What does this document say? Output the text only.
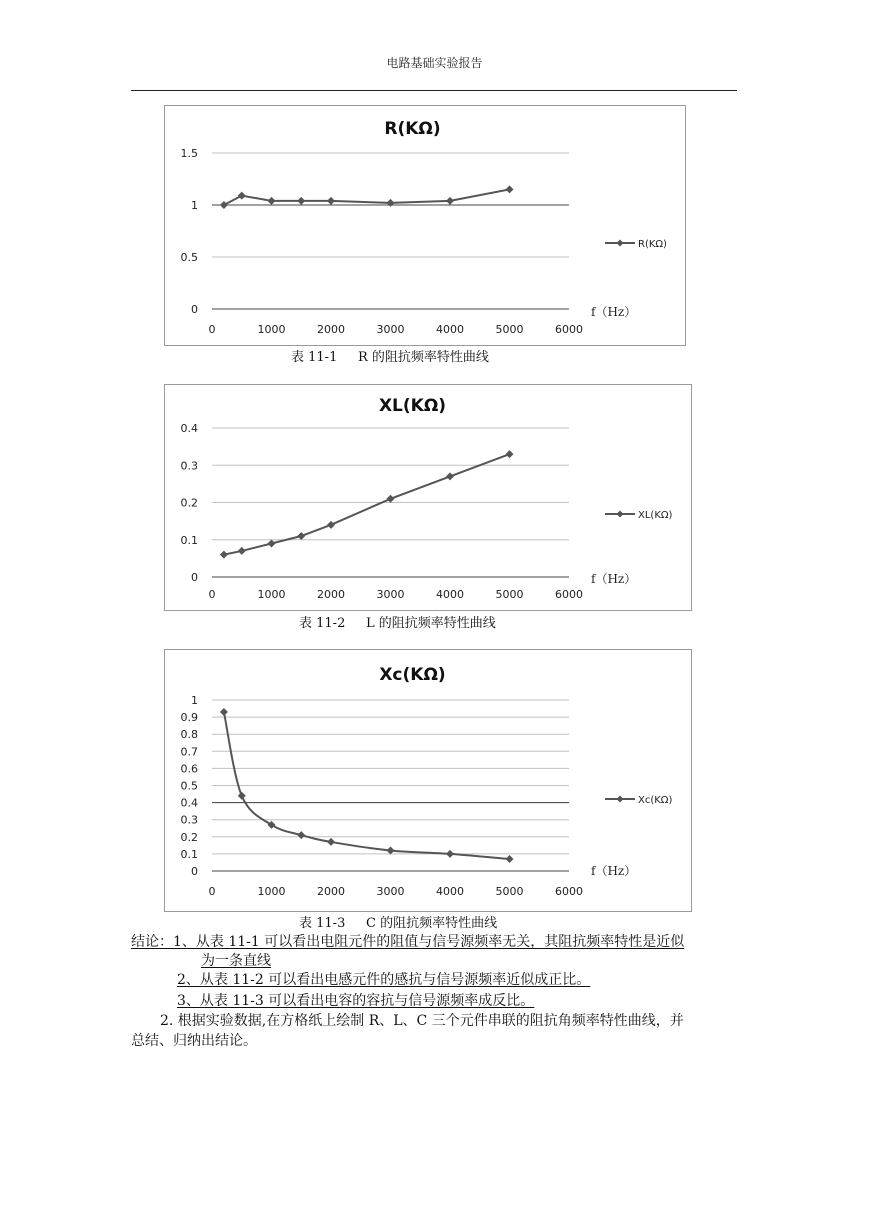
电路基础实验报告
R(KΩ)
0
0.5
1
1.5
0	1000	2000	3000	4000	5000	6000
f（Hz）
R(KΩ)
表 11-1     R 的阻抗频率特性曲线
XL(KΩ)
0
0.1
0.2
0.3
0.4
0	1000	2000	3000	4000	5000	6000
f（Hz）
XL(KΩ)
表 11-2     L 的阻抗频率特性曲线
Xc(KΩ)
0
0.1
0.2
0.3
0.4
0.5
0.6
0.7
0.8
0.9
1
0	1000	2000	3000	4000	5000	6000
f（Hz）
Xc(KΩ)
表 11-3     C 的阻抗频率特性曲线
结论：1、从表 11-1 可以看出电阻元件的阻值与信号源频率无关，其阻抗频率特性是近似
为一条直线
2、从表 11-2 可以看出电感元件的感抗与信号源频率近似成正比。
3、从表 11-3 可以看出电容的容抗与信号源频率成反比。
2. 根据实验数据,在方格纸上绘制 R、L、C 三个元件串联的阻抗角频率特性曲线，并
总结、归纳出结论。
